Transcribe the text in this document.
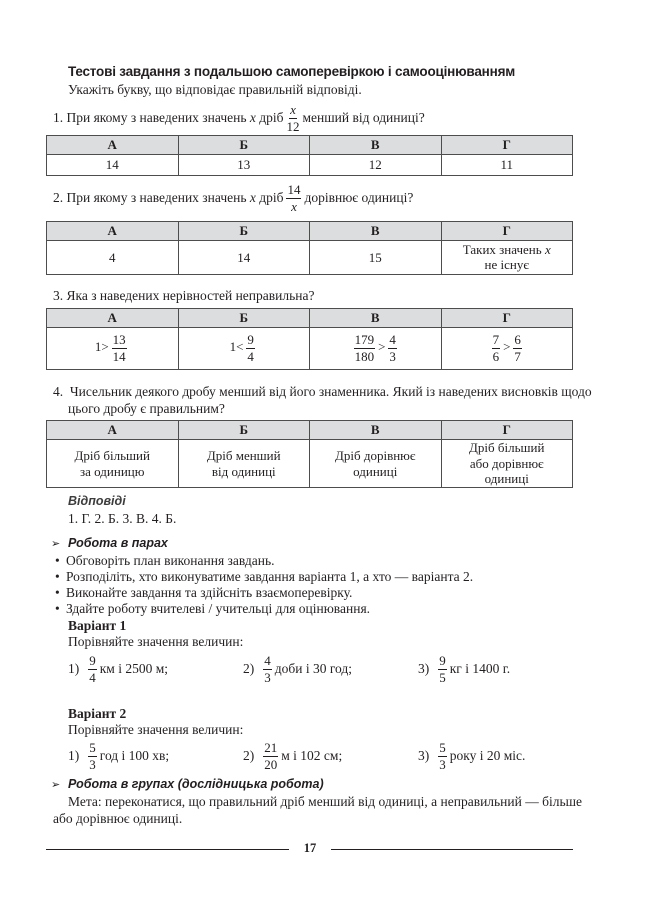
Тестові завдання з подальшою самоперевіркою і самооцінюванням
Укажіть букву, що відповідає правильній відповіді.
1.
При якому з наведених значень
x
дріб $\frac{x}{12}$ менший від одиниці?
А	Б	В	Г
14	13	12	11
2.
При якому з наведених значень
x
дріб $\frac{14}{x}$ дорівнює одиниці?
А	Б	В	Г
4	14	15	Таких значень x
не існує
3.
Яка з наведених нерівностей неправильна?
А	Б	В	Г
$1> \frac{13}{14}$	$1< \frac{9}{4}$	$\frac{179}{180} > \frac{4}{3}$	$\frac{7}{6} > \frac{6}{7}$
4. Чисельник деякого дробу менший від його знаменника. Який із наведених висновків щодо
цього дробу є правильним?
А	Б	В	Г
Дріб більший
за одиницю	Дріб менший
від одиниці	Дріб дорівнює
одиниці	Дріб більший
або дорівнює
одиниці
Відповіді
1. Г. 2. Б. 3. В. 4. Б.
➢ Робота в парах
• Обговоріть план виконання завдань.
• Розподіліть, хто виконуватиме завдання варіанта 1, а хто — варіанта 2.
• Виконайте завдання та здійсніть взаємоперевірку.
• Здайте роботу вчителеві / учительці для оцінювання.
Варіант 1
Порівняйте значення величин:
$1) \frac{9}{4}$ км і 2500 м;	$2) \frac{4}{3}$ доби і 30 год;	$3) \frac{9}{5}$ кг і 1400 г.
Варіант 2
Порівняйте значення величин:
$1) \frac{5}{3}$ год і 100 хв;	$2) \frac{21}{20}$ м і 102 см;	$3) \frac{5}{3}$ року і 20 міс.
➢ Робота в групах (дослідницька робота)
Мета: переконатися, що правильний дріб менший від одиниці, а неправильний — більше
або дорівнює одиниці.
17
